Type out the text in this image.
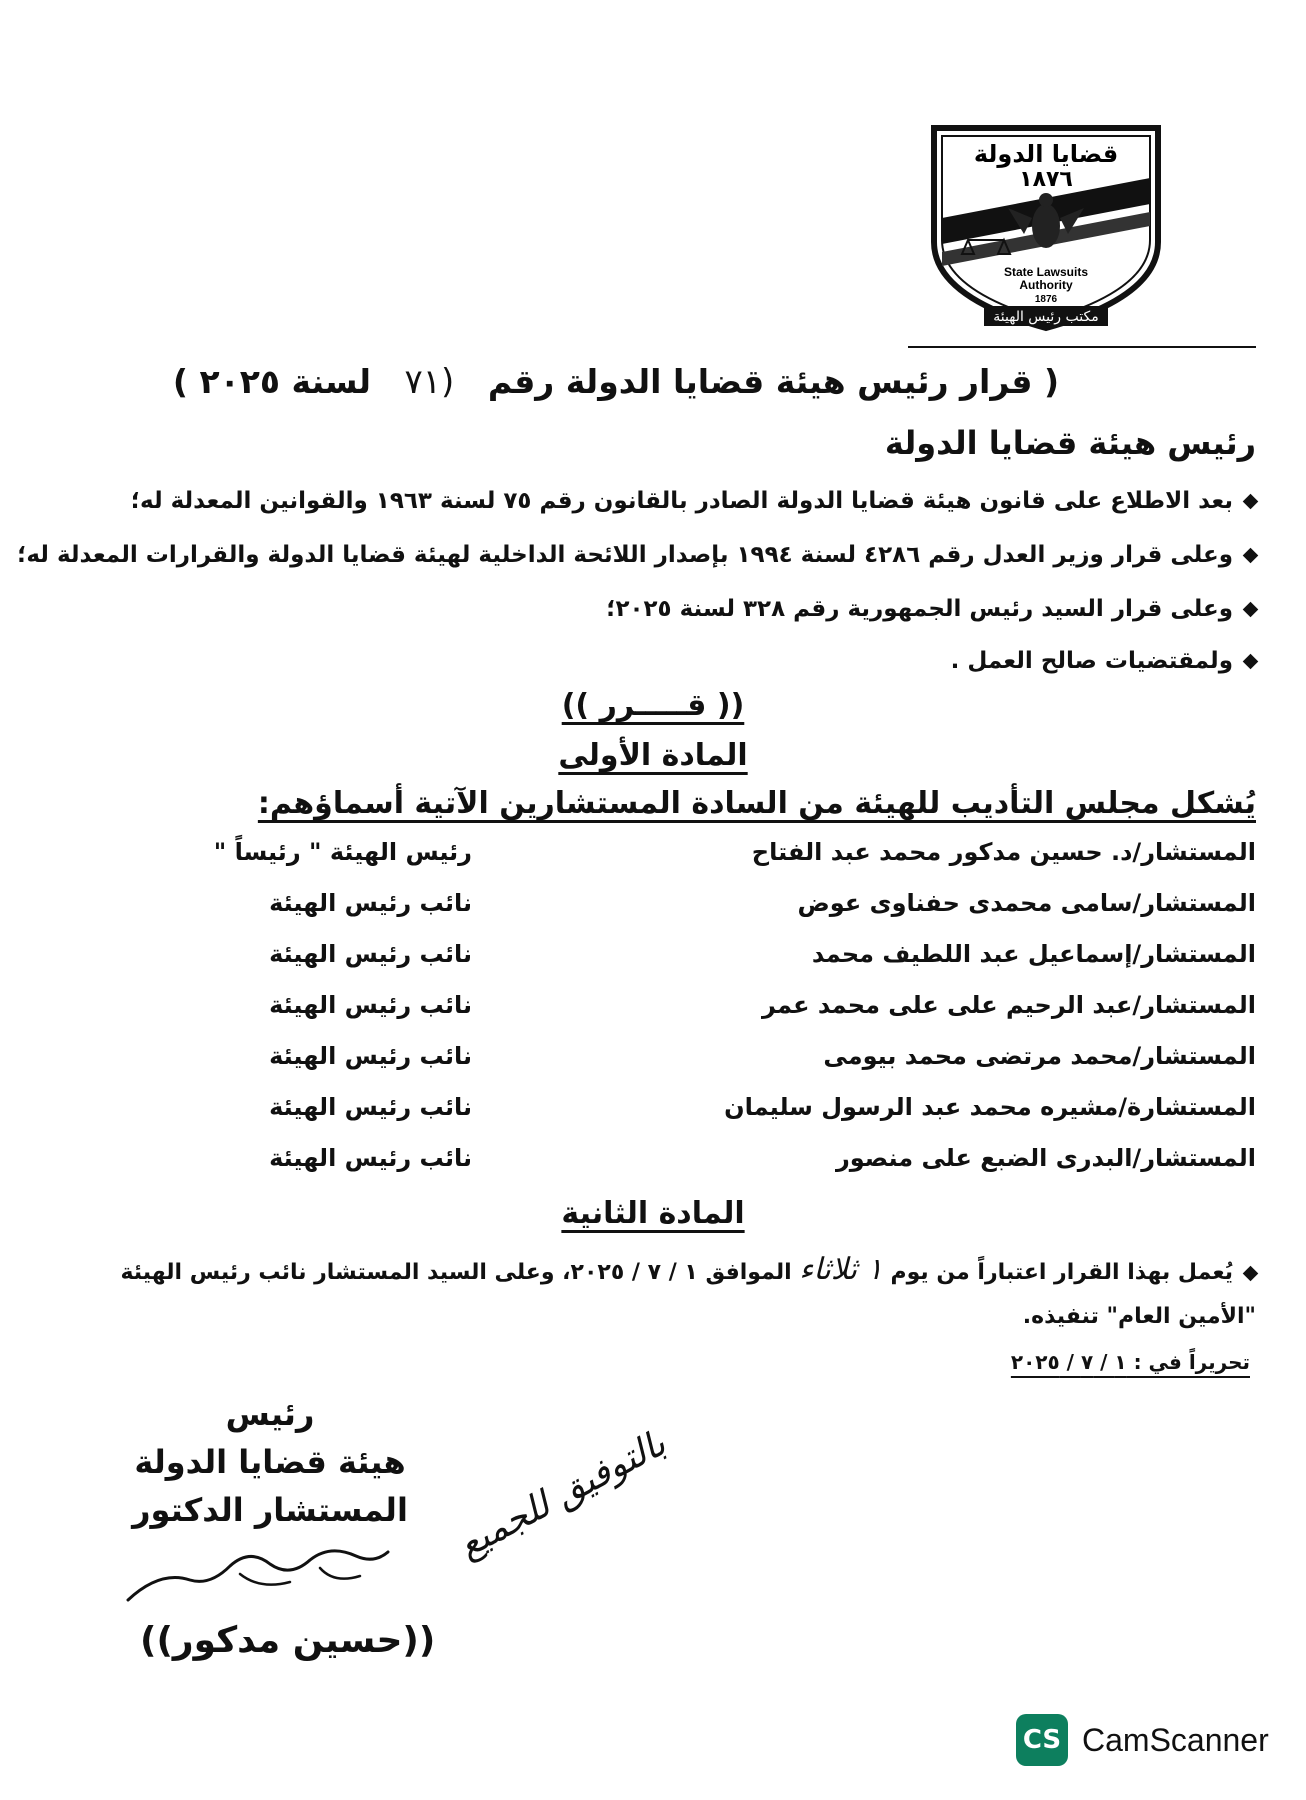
قضايا الدولة
١٨٧٦
State Lawsuits
Authority
1876
مكتب رئيس الهيئة
( قرار رئيس هيئة قضايا الدولة رقم (٧١ لسنة ٢٠٢٥ )
رئيس هيئة قضايا الدولة
بعد الاطلاع على قانون هيئة قضايا الدولة الصادر بالقانون رقم ٧٥ لسنة ١٩٦٣ والقوانين المعدلة له؛
وعلى قرار وزير العدل رقم ٤٢٨٦ لسنة ١٩٩٤ بإصدار اللائحة الداخلية لهيئة قضايا الدولة والقرارات المعدلة له؛
وعلى قرار السيد رئيس الجمهورية رقم ٣٢٨ لسنة ٢٠٢٥؛
ولمقتضيات صالح العمل .
(( قـــــرر ))
المادة الأولى
يُشكل مجلس التأديب للهيئة من السادة المستشارين الآتية أسماؤهم:
المستشار/د. حسين مدكور محمد عبد الفتاح
رئيس الهيئة " رئيساً "
المستشار/سامى محمدى حفناوى عوض
نائب رئيس الهيئة
المستشار/إسماعيل عبد اللطيف محمد
نائب رئيس الهيئة
المستشار/عبد الرحيم على على محمد عمر
نائب رئيس الهيئة
المستشار/محمد مرتضى محمد بيومى
نائب رئيس الهيئة
المستشارة/مشيره محمد عبد الرسول سليمان
نائب رئيس الهيئة
المستشار/البدرى الضبع على منصور
نائب رئيس الهيئة
المادة الثانية
يُعمل بهذا القرار اعتباراً من يوم ١ ثلاثاء الموافق ١ / ٧ / ٢٠٢٥، وعلى السيد المستشار نائب رئيس الهيئة
"الأمين العام" تنفيذه.
تحريراً في : ١ / ٧ / ٢٠٢٥
رئيس
هيئة قضايا الدولة
المستشار الدكتور	بالتوفيق للجميع
((حسين مدكور))
CS CamScanner
